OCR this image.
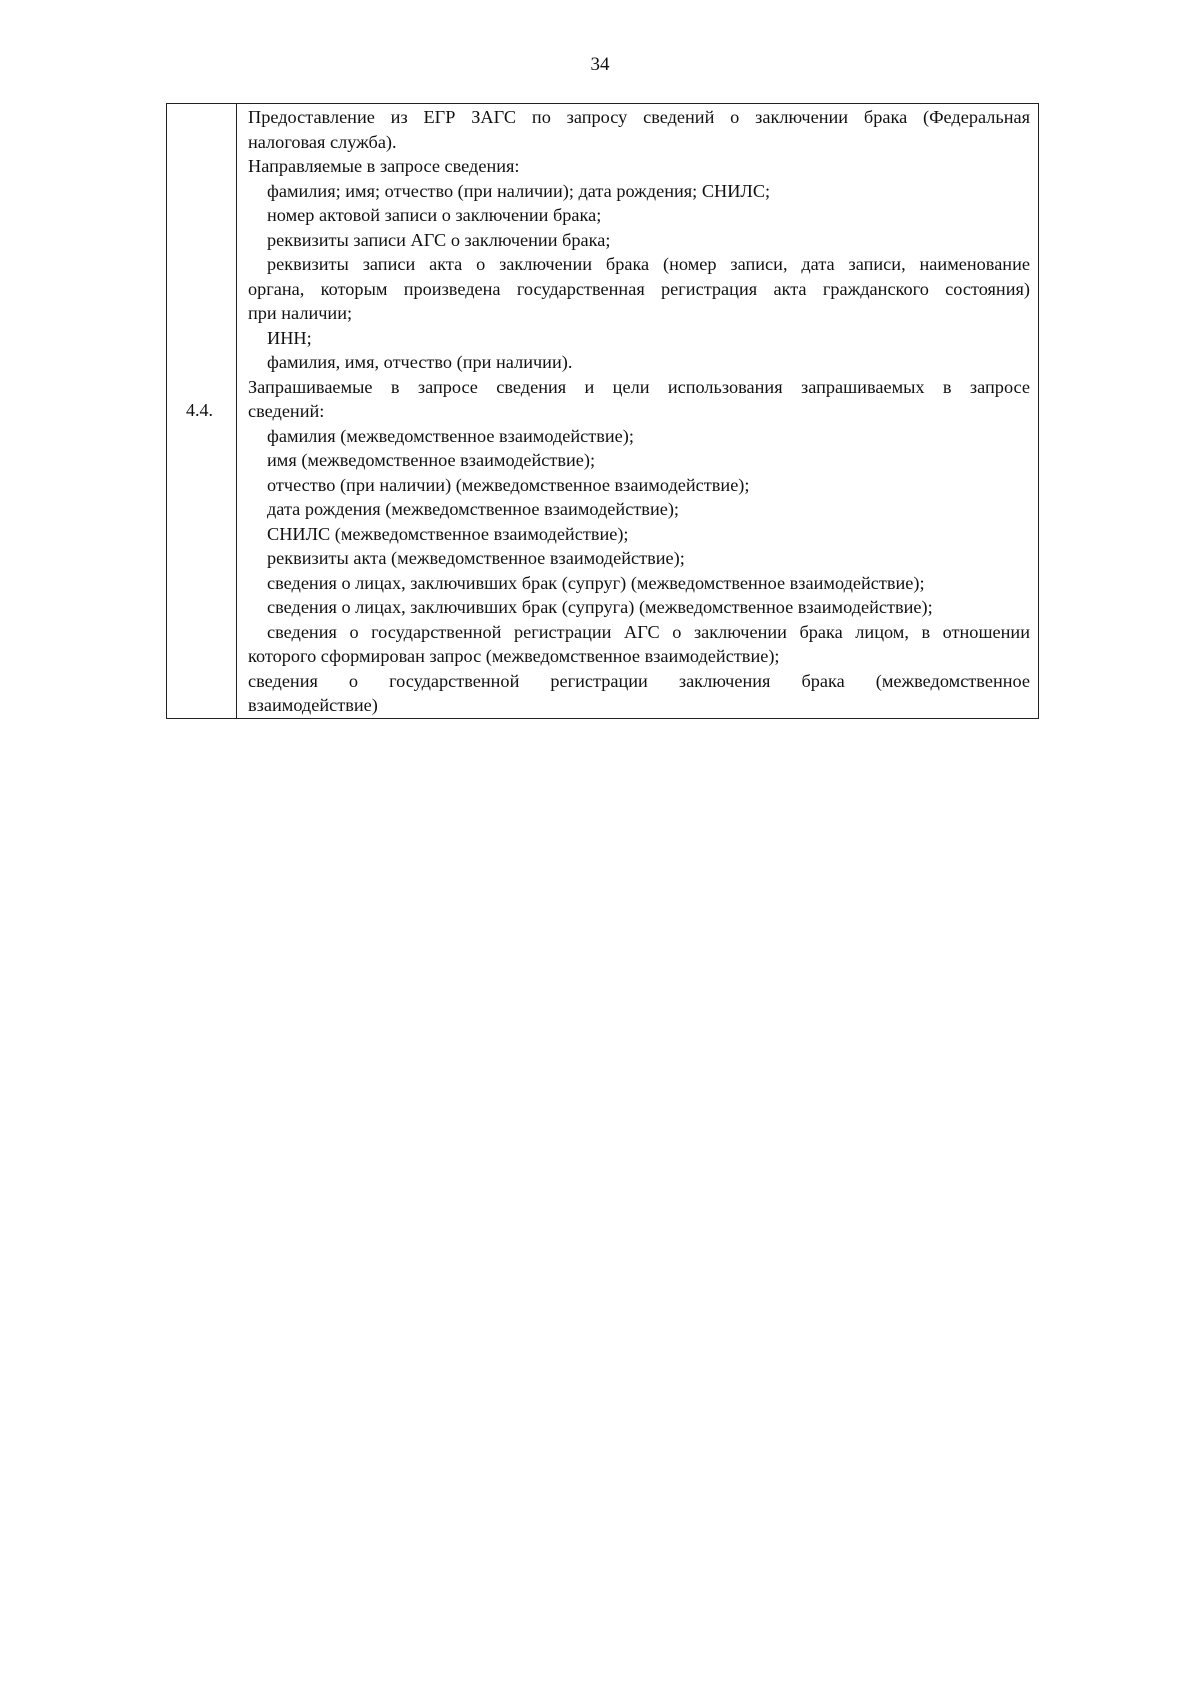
34
4.4.	

Предоставление из ЕГР ЗАГС по запросу сведений о заключении брака (Федеральная

налоговая служба).

Направляемые в запросе сведения:

фамилия; имя; отчество (при наличии); дата рождения; СНИЛС;

номер актовой записи о заключении брака;

реквизиты записи АГС о заключении брака;

реквизиты записи акта о заключении брака (номер записи, дата записи, наименование

органа, которым произведена государственная регистрация акта гражданского состояния)

при наличии;

ИНН;

фамилия, имя, отчество (при наличии).

Запрашиваемые в запросе сведения и цели использования запрашиваемых в запросе

сведений:

фамилия (межведомственное взаимодействие);

имя (межведомственное взаимодействие);

отчество (при наличии) (межведомственное взаимодействие);

дата рождения (межведомственное взаимодействие);

СНИЛС (межведомственное взаимодействие);

реквизиты акта (межведомственное взаимодействие);

сведения о лицах, заключивших брак (супруг) (межведомственное взаимодействие);

сведения о лицах, заключивших брак (супруга) (межведомственное взаимодействие);

сведения о государственной регистрации АГС о заключении брака лицом, в отношении

которого сформирован запрос (межведомственное взаимодействие);

сведения о государственной регистрации заключения брака (межведомственное

взаимодействие)
